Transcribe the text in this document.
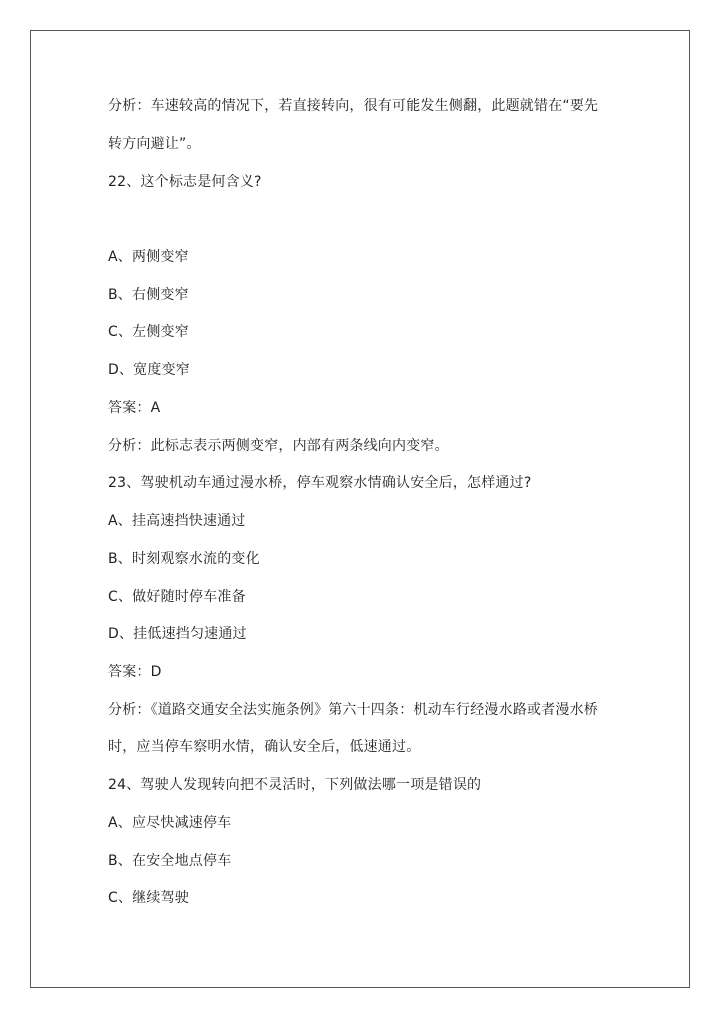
分析：车速较高的情况下，若直接转向，很有可能发生侧翻，此题就错在“要先
转方向避让”。
22、这个标志是何含义?
A、两侧变窄
B、右侧变窄
C、左侧变窄
D、宽度变窄
答案：A
分析：此标志表示两侧变窄，内部有两条线向内变窄。
23、驾驶机动车通过漫水桥，停车观察水情确认安全后，怎样通过?
A、挂高速挡快速通过
B、时刻观察水流的变化
C、做好随时停车准备
D、挂低速挡匀速通过
答案：D
分析：《道路交通安全法实施条例》第六十四条：机动车行经漫水路或者漫水桥
时，应当停车察明水情，确认安全后，低速通过。
24、驾驶人发现转向把不灵活时，下列做法哪一项是错误的
A、应尽快减速停车
B、在安全地点停车
C、继续驾驶
